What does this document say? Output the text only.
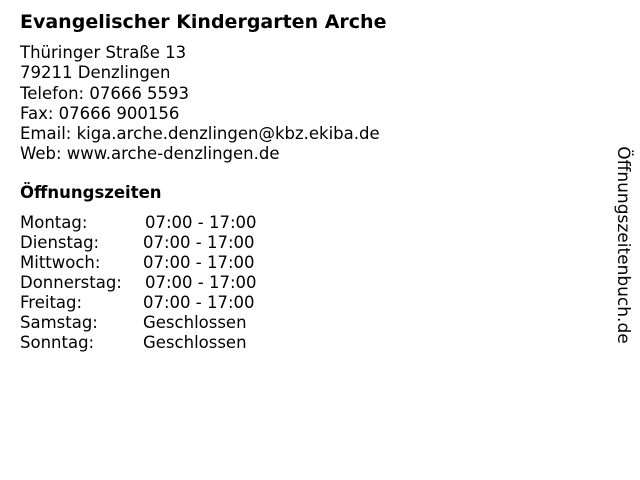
Evangelischer Kindergarten Arche
Thüringer Straße 13
79211 Denzlingen
Telefon: 07666 5593
Fax: 07666 900156
Email: kiga.arche.denzlingen@kbz.ekiba.de
Web: www.arche-denzlingen.de
Öffnungszeiten
Montag:	07:00 - 17:00
Dienstag:	07:00 - 17:00
Mittwoch:	07:00 - 17:00
Donnerstag: 07:00 - 17:00
Freitag:	07:00 - 17:00
Samstag:	Geschlossen
Sonntag:	Geschlossen	Öffnungszeitenbuch.de
